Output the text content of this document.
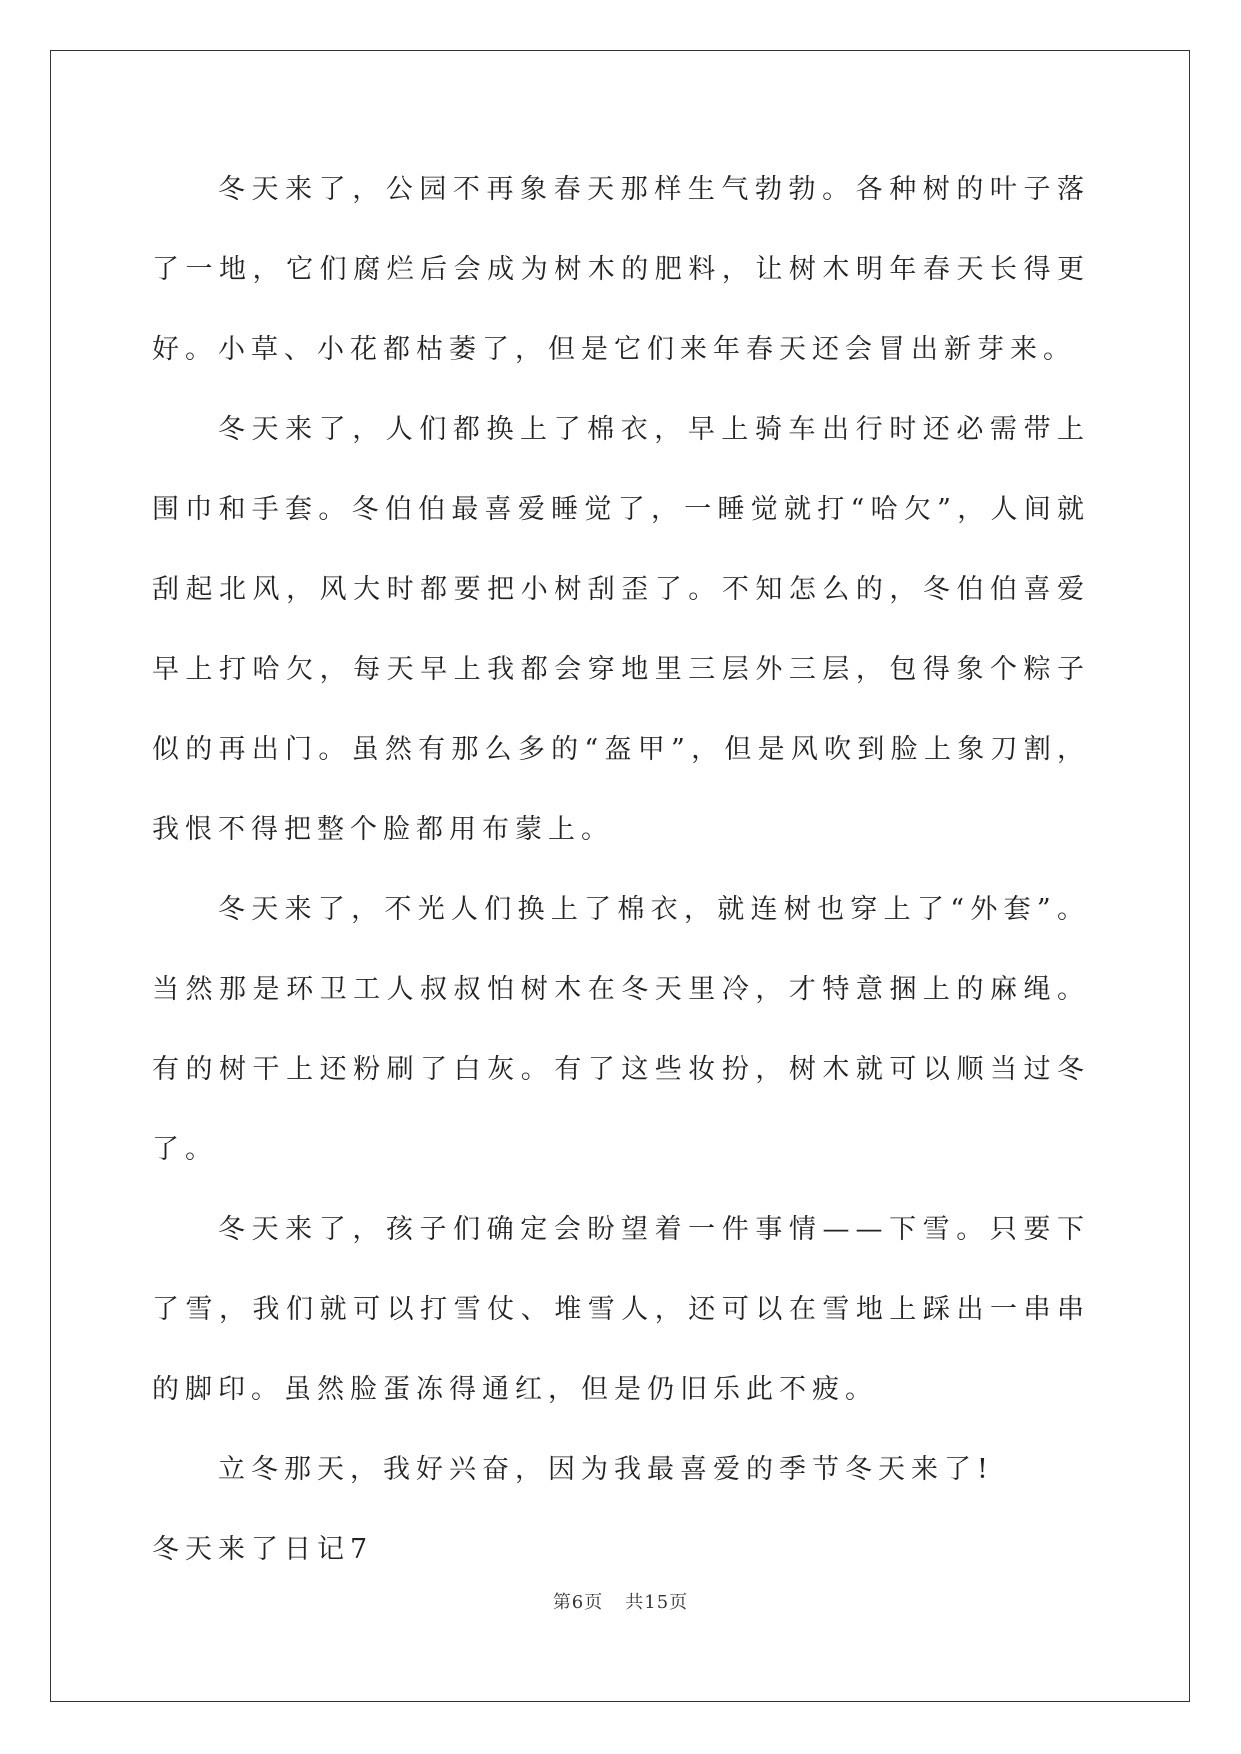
冬天来了，公园不再象春天那样生气勃勃。各种树的叶子落了一地，它们腐烂后会成为树木的肥料，让树木明年春天长得更好。小草、小花都枯萎了，但是它们来年春天还会冒出新芽来。

冬天来了，人们都换上了棉衣，早上骑车出行时还必需带上围巾和手套。冬伯伯最喜爱睡觉了，一睡觉就打“哈欠”，人间就刮起北风，风大时都要把小树刮歪了。不知怎么的，冬伯伯喜爱早上打哈欠，每天早上我都会穿地里三层外三层，包得象个粽子似的再出门。虽然有那么多的“盔甲”，但是风吹到脸上象刀割，我恨不得把整个脸都用布蒙上。

冬天来了，不光人们换上了棉衣，就连树也穿上了“外套”。当然那是环卫工人叔叔怕树木在冬天里冷，才特意捆上的麻绳。有的树干上还粉刷了白灰。有了这些妆扮，树木就可以顺当过冬了。

冬天来了，孩子们确定会盼望着一件事情——下雪。只要下了雪，我们就可以打雪仗、堆雪人，还可以在雪地上踩出一串串的脚印。虽然脸蛋冻得通红，但是仍旧乐此不疲。

立冬那天，我好兴奋，因为我最喜爱的季节冬天来了!

冬天来了日记7

第6页 共15页
